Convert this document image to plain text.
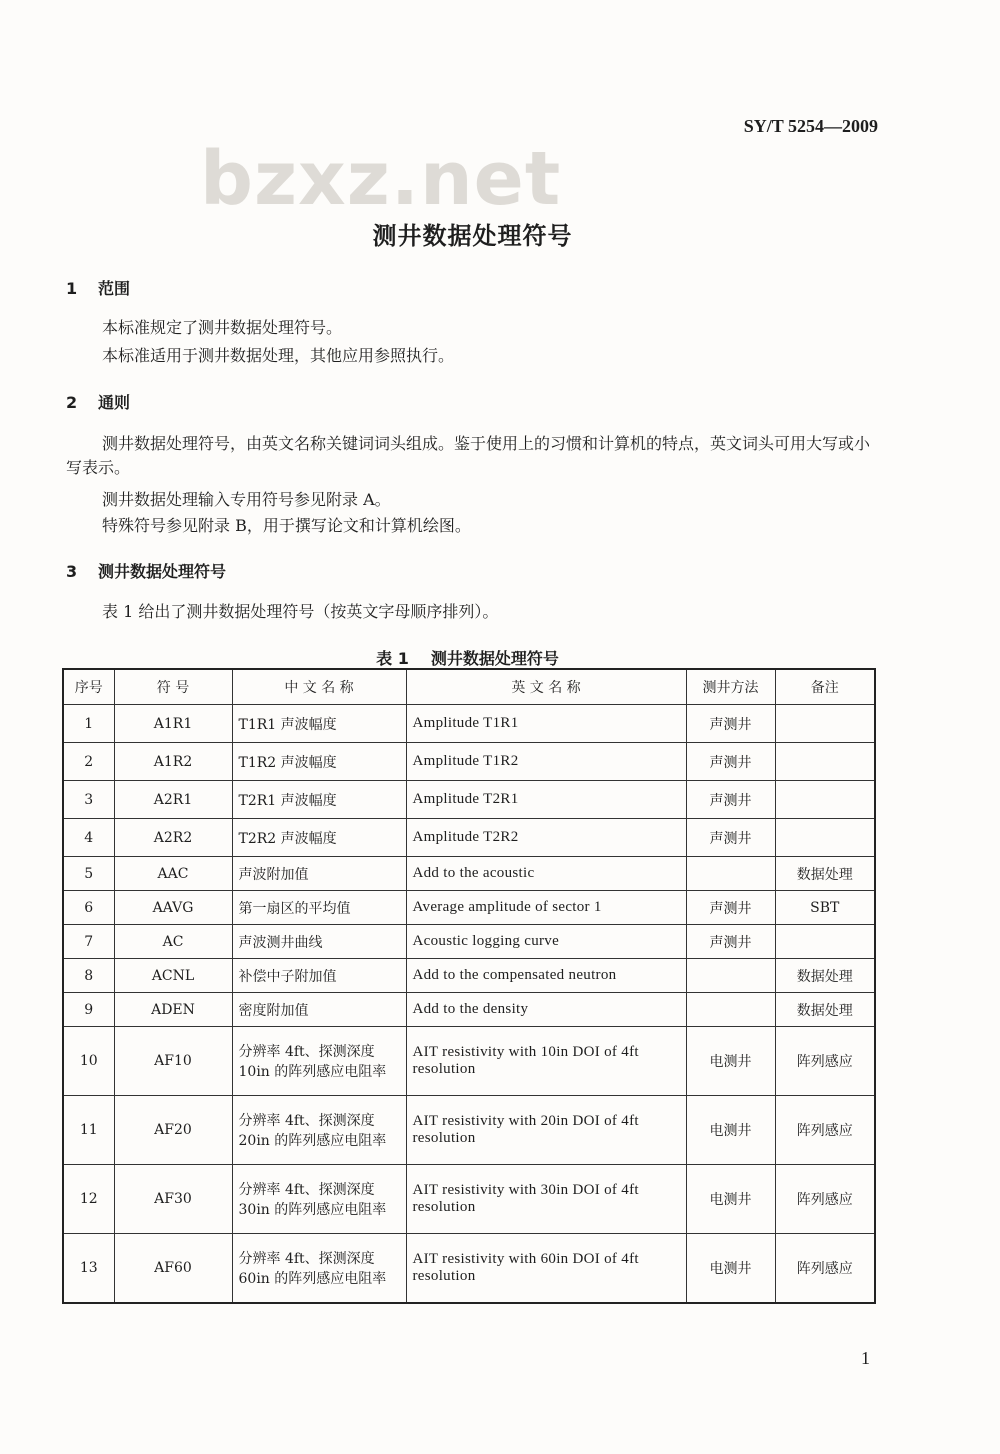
SY/T 5254—2009
bzxz.net
测井数据处理符号
1 范围
本标准规定了测井数据处理符号。
本标准适用于测井数据处理，其他应用参照执行。
2 通则
测井数据处理符号，由英文名称关键词词头组成。鉴于使用上的习惯和计算机的特点，英文词头可用大写或小写表示。
测井数据处理输入专用符号参见附录 A。
特殊符号参见附录 B，用于撰写论文和计算机绘图。
3 测井数据处理符号
表 1 给出了测井数据处理符号（按英文字母顺序排列）。
表 1 测井数据处理符号
序号	符 号	中 文 名 称	英 文 名 称	测井方法	备注
1	A1R1	T1R1 声波幅度	Amplitude T1R1	声测井	
2	A1R2	T1R2 声波幅度	Amplitude T1R2	声测井	
3	A2R1	T2R1 声波幅度	Amplitude T2R1	声测井	
4	A2R2	T2R2 声波幅度	Amplitude T2R2	声测井	
5	AAC	声波附加值	Add to the acoustic		数据处理
6	AAVG	第一扇区的平均值	Average amplitude of sector 1	声测井	SBT
7	AC	声波测井曲线	Acoustic logging curve	声测井	
8	ACNL	补偿中子附加值	Add to the compensated neutron		数据处理
9	ADEN	密度附加值	Add to the density		数据处理
10	AF10	分辨率 4ft、探测深度 10in 的阵列感应电阻率	AIT resistivity with 10in DOI of 4ft resolution	电测井	阵列感应
11	AF20	分辨率 4ft、探测深度 20in 的阵列感应电阻率	AIT resistivity with 20in DOI of 4ft resolution	电测井	阵列感应
12	AF30	分辨率 4ft、探测深度 30in 的阵列感应电阻率	AIT resistivity with 30in DOI of 4ft resolution	电测井	阵列感应
13	AF60	分辨率 4ft、探测深度 60in 的阵列感应电阻率	AIT resistivity with 60in DOI of 4ft resolution	电测井	阵列感应
1
